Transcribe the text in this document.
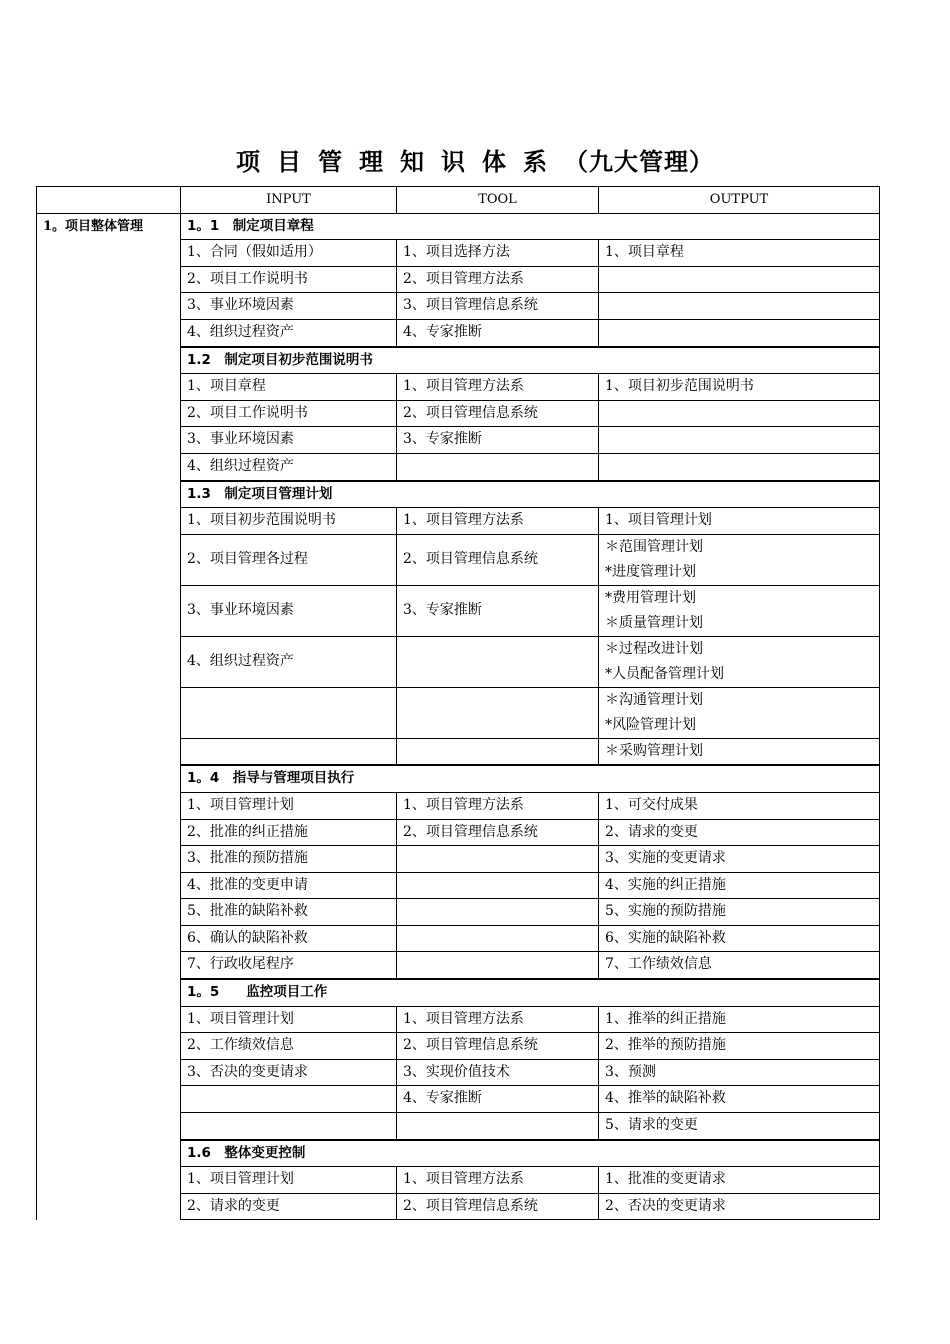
项 目 管 理 知 识 体 系 （九大管理）
	INPUT	TOOL	OUTPUT
1。项目整体管理	1。1　制定项目章程		
	1、合同（假如适用）	1、项目选择方法	1、项目章程
	2、项目工作说明书	2、项目管理方法系	
	3、事业环境因素	3、项目管理信息系统	
	4、组织过程资产	4、专家推断	
	1.2　制定项目初步范围说明书		
	1、项目章程	1、项目管理方法系	1、项目初步范围说明书
	2、项目工作说明书	2、项目管理信息系统	
	3、事业环境因素	3、专家推断	
	4、组织过程资产		
	1.3　制定项目管理计划		
	1、项目初步范围说明书	1、项目管理方法系	1、项目管理计划
	2、项目管理各过程	2、项目管理信息系统	＊范围管理计划
*进度管理计划

	3、事业环境因素	3、专家推断	*费用管理计划
＊质量管理计划

	4、组织过程资产		＊过程改进计划
*人员配备管理计划

			＊沟通管理计划
*风险管理计划

			＊采购管理计划
	1。4　指导与管理项目执行		
	1、项目管理计划	1、项目管理方法系	1、可交付成果
	2、批准的纠正措施	2、项目管理信息系统	2、请求的变更
	3、批准的预防措施		3、实施的变更请求
	4、批准的变更申请		4、实施的纠正措施
	5、批准的缺陷补救		5、实施的预防措施
	6、确认的缺陷补救		6、实施的缺陷补救
	7、行政收尾程序		7、工作绩效信息
	1。5　　监控项目工作		
	1、项目管理计划	1、项目管理方法系	1、推举的纠正措施
	2、工作绩效信息	2、项目管理信息系统	2、推举的预防措施
	3、否决的变更请求	3、实现价值技术	3、预测
		4、专家推断	4、推举的缺陷补救
			5、请求的变更
	1.6　整体变更控制		
	1、项目管理计划	1、项目管理方法系	1、批准的变更请求
	2、请求的变更	2、项目管理信息系统	2、否决的变更请求
